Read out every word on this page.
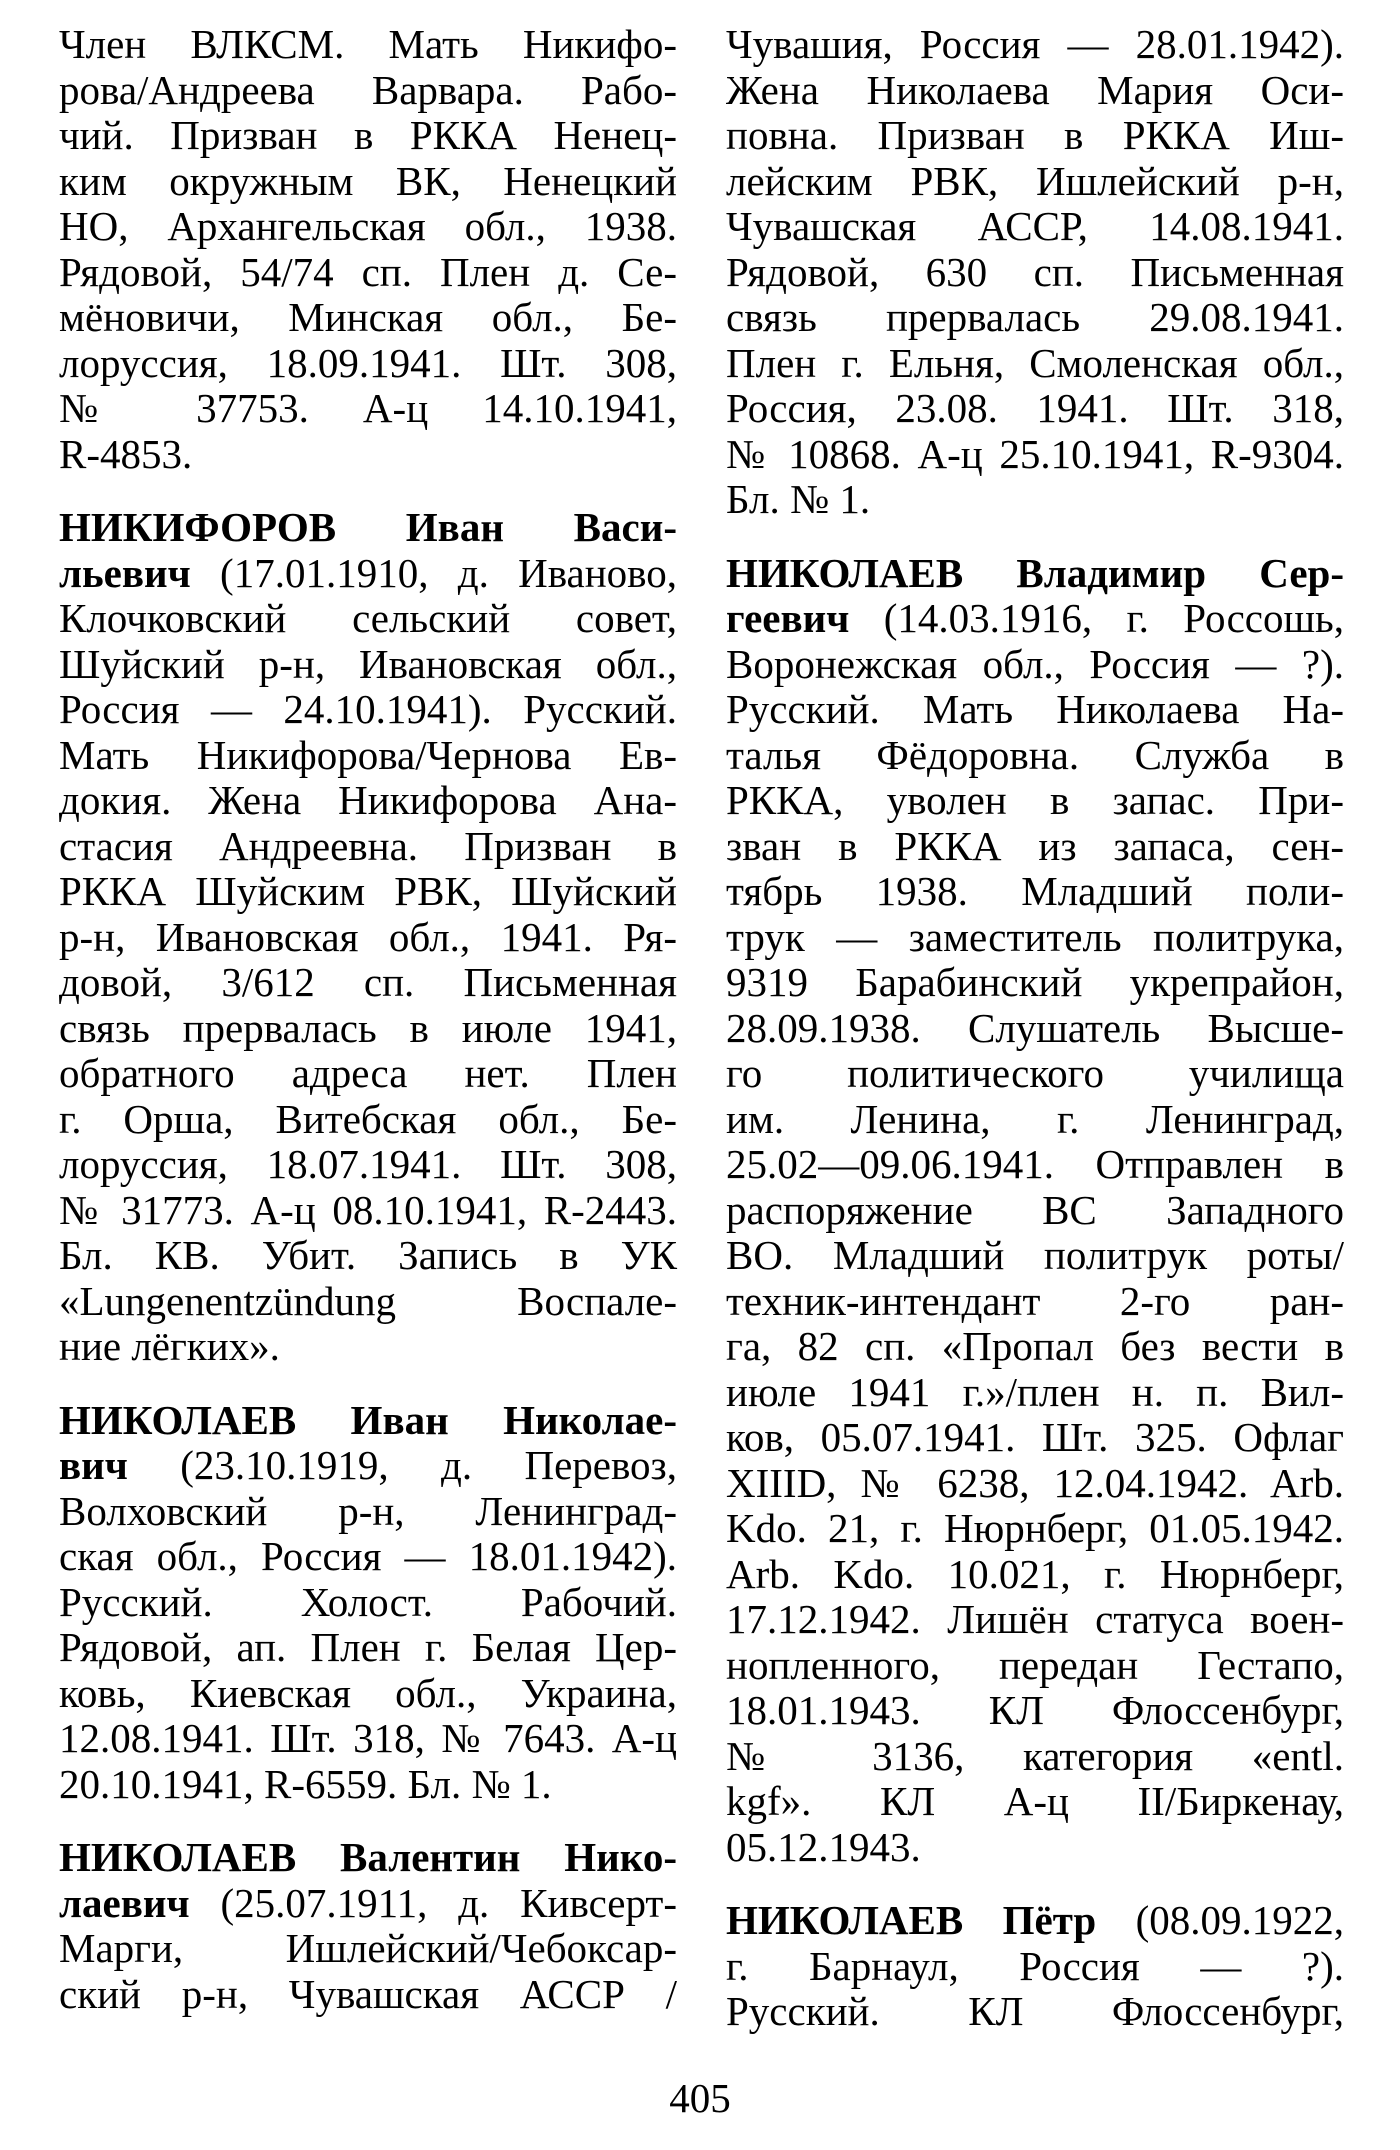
Член ВЛКСМ. Мать Никифо-
рова/Андреева Варвара. Рабо-
чий. Призван в РККА Ненец-
ким окружным ВК, Ненецкий
НО, Архангельская обл., 1938.
Рядовой, 54/74 сп. Плен д. Се-
мёновичи, Минская обл., Бе-
лоруссия, 18.09.1941. Шт. 308,
№ 37753. А-ц 14.10.1941,
R-4853.
НИКИФОРОВ Иван Васи-
льевич (17.01.1910, д. Иваново,
Клочковский сельский совет,
Шуйский р-н, Ивановская обл.,
Россия — 24.10.1941). Русский.
Мать Никифорова/Чернова Ев-
докия. Жена Никифорова Ана-
стасия Андреевна. Призван в
РККА Шуйским РВК, Шуйский
р-н, Ивановская обл., 1941. Ря-
довой, 3/612 сп. Письменная
связь прервалась в июле 1941,
обратного адреса нет. Плен
г. Орша, Витебская обл., Бе-
лоруссия, 18.07.1941. Шт. 308,
№ 31773. А-ц 08.10.1941, R-2443.
Бл. КВ. Убит. Запись в УК
«Lungenentzündung Воспале-
ние лёгких».
НИКОЛАЕВ Иван Николае-
вич (23.10.1919, д. Перевоз,
Волховский р-н, Ленинград-
ская обл., Россия — 18.01.1942).
Русский. Холост. Рабочий.
Рядовой, ап. Плен г. Белая Цер-
ковь, Киевская обл., Украина,
12.08.1941. Шт. 318, № 7643. А-ц
20.10.1941, R-6559. Бл. № 1.
НИКОЛАЕВ Валентин Нико-
лаевич (25.07.1911, д. Кивсерт-
Марги, Ишлейский/Чебоксар-
ский р-н, Чувашская АССР /
Чувашия, Россия — 28.01.1942).
Жена Николаева Мария Оси-
повна. Призван в РККА Иш-
лейским РВК, Ишлейский р-н,
Чувашская АССР, 14.08.1941.
Рядовой, 630 сп. Письменная
связь прервалась 29.08.1941.
Плен г. Ельня, Смоленская обл.,
Россия, 23.08. 1941. Шт. 318,
№ 10868. А-ц 25.10.1941, R-9304.
Бл. № 1.
НИКОЛАЕВ Владимир Сер-
геевич (14.03.1916, г. Россошь,
Воронежская обл., Россия — ?).
Русский. Мать Николаева На-
талья Фёдоровна. Служба в
РККА, уволен в запас. При-
зван в РККА из запаса, сен-
тябрь 1938. Младший поли-
трук — заместитель политрука,
9319 Барабинский укрепрайон,
28.09.1938. Слушатель Высше-
го политического училища
им. Ленина, г. Ленинград,
25.02—09.06.1941. Отправлен в
распоряжение ВС Западного
ВО. Младший политрук роты/
техник-интендант 2-го ран-
га, 82 сп. «Пропал без вести в
июле 1941 г.»/плен н. п. Вил-
ков, 05.07.1941. Шт. 325. Офлаг
XIIID, № 6238, 12.04.1942. Arb.
Kdo. 21, г. Нюрнберг, 01.05.1942.
Arb. Kdo. 10.021, г. Нюрнберг,
17.12.1942. Лишён статуса воен-
нопленного, передан Гестапо,
18.01.1943. КЛ Флоссенбург,
№ 3136, категория «entl.
kgf». КЛ А-ц II/Биркенау,
05.12.1943.
НИКОЛАЕВ Пётр (08.09.1922,
г. Барнаул, Россия — ?).
Русский. КЛ Флоссенбург,
405
